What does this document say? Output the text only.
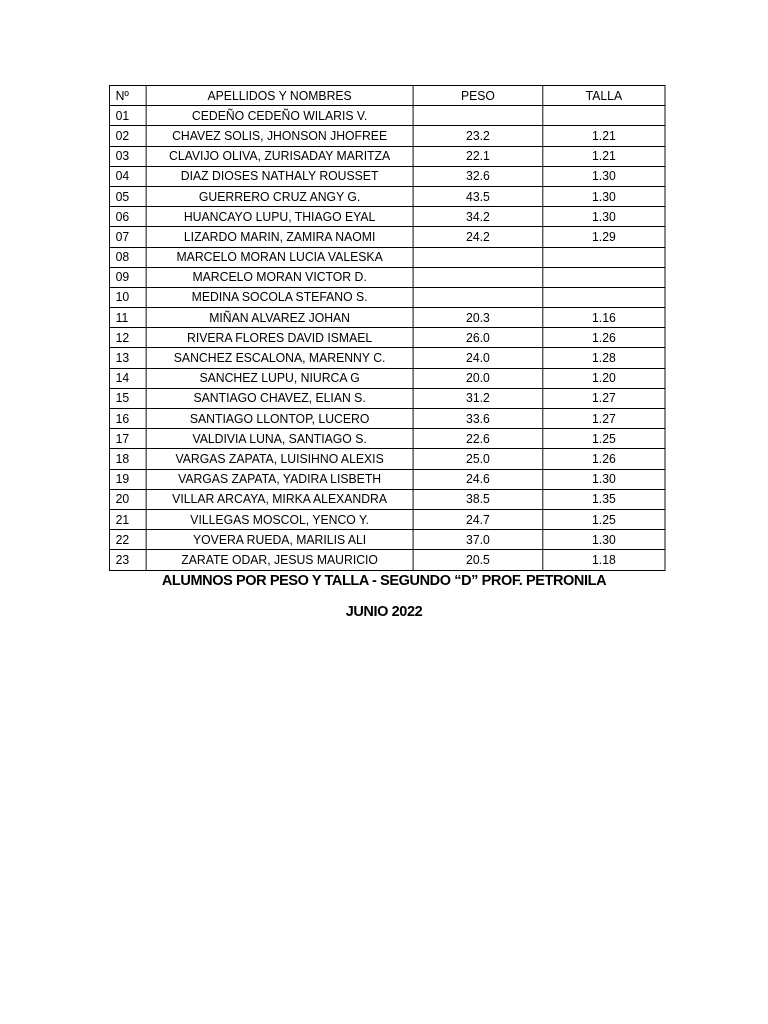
Nº	APELLIDOS Y NOMBRES	PESO	TALLA
01	CEDEÑO CEDEÑO WILARIS V.		
02	CHAVEZ SOLIS, JHONSON JHOFREE	23.2	1.21
03	CLAVIJO OLIVA, ZURISADAY MARITZA	22.1	1.21
04	DIAZ DIOSES NATHALY ROUSSET	32.6	1.30
05	GUERRERO CRUZ ANGY G.	43.5	1.30
06	HUANCAYO LUPU, THIAGO EYAL	34.2	1.30
07	LIZARDO MARIN, ZAMIRA NAOMI	24.2	1.29
08	MARCELO MORAN LUCIA VALESKA		
09	MARCELO MORAN VICTOR D.		
10	MEDINA SOCOLA STEFANO S.		
11	MIÑAN ALVAREZ JOHAN	20.3	1.16
12	RIVERA FLORES DAVID ISMAEL	26.0	1.26
13	SANCHEZ ESCALONA, MARENNY C.	24.0	1.28
14	SANCHEZ LUPU, NIURCA G	20.0	1.20
15	SANTIAGO CHAVEZ, ELIAN S.	31.2	1.27
16	SANTIAGO LLONTOP, LUCERO	33.6	1.27
17	VALDIVIA LUNA, SANTIAGO S.	22.6	1.25
18	VARGAS ZAPATA, LUISIHNO ALEXIS	25.0	1.26
19	VARGAS ZAPATA, YADIRA LISBETH	24.6	1.30
20	VILLAR ARCAYA, MIRKA ALEXANDRA	38.5	1.35
21	VILLEGAS MOSCOL, YENCO Y.	24.7	1.25
22	YOVERA RUEDA, MARILIS ALI	37.0	1.30
23	ZARATE ODAR, JESUS MAURICIO	20.5	1.18
ALUMNOS POR PESO Y TALLA - SEGUNDO “D” PROF. PETRONILA
JUNIO 2022
